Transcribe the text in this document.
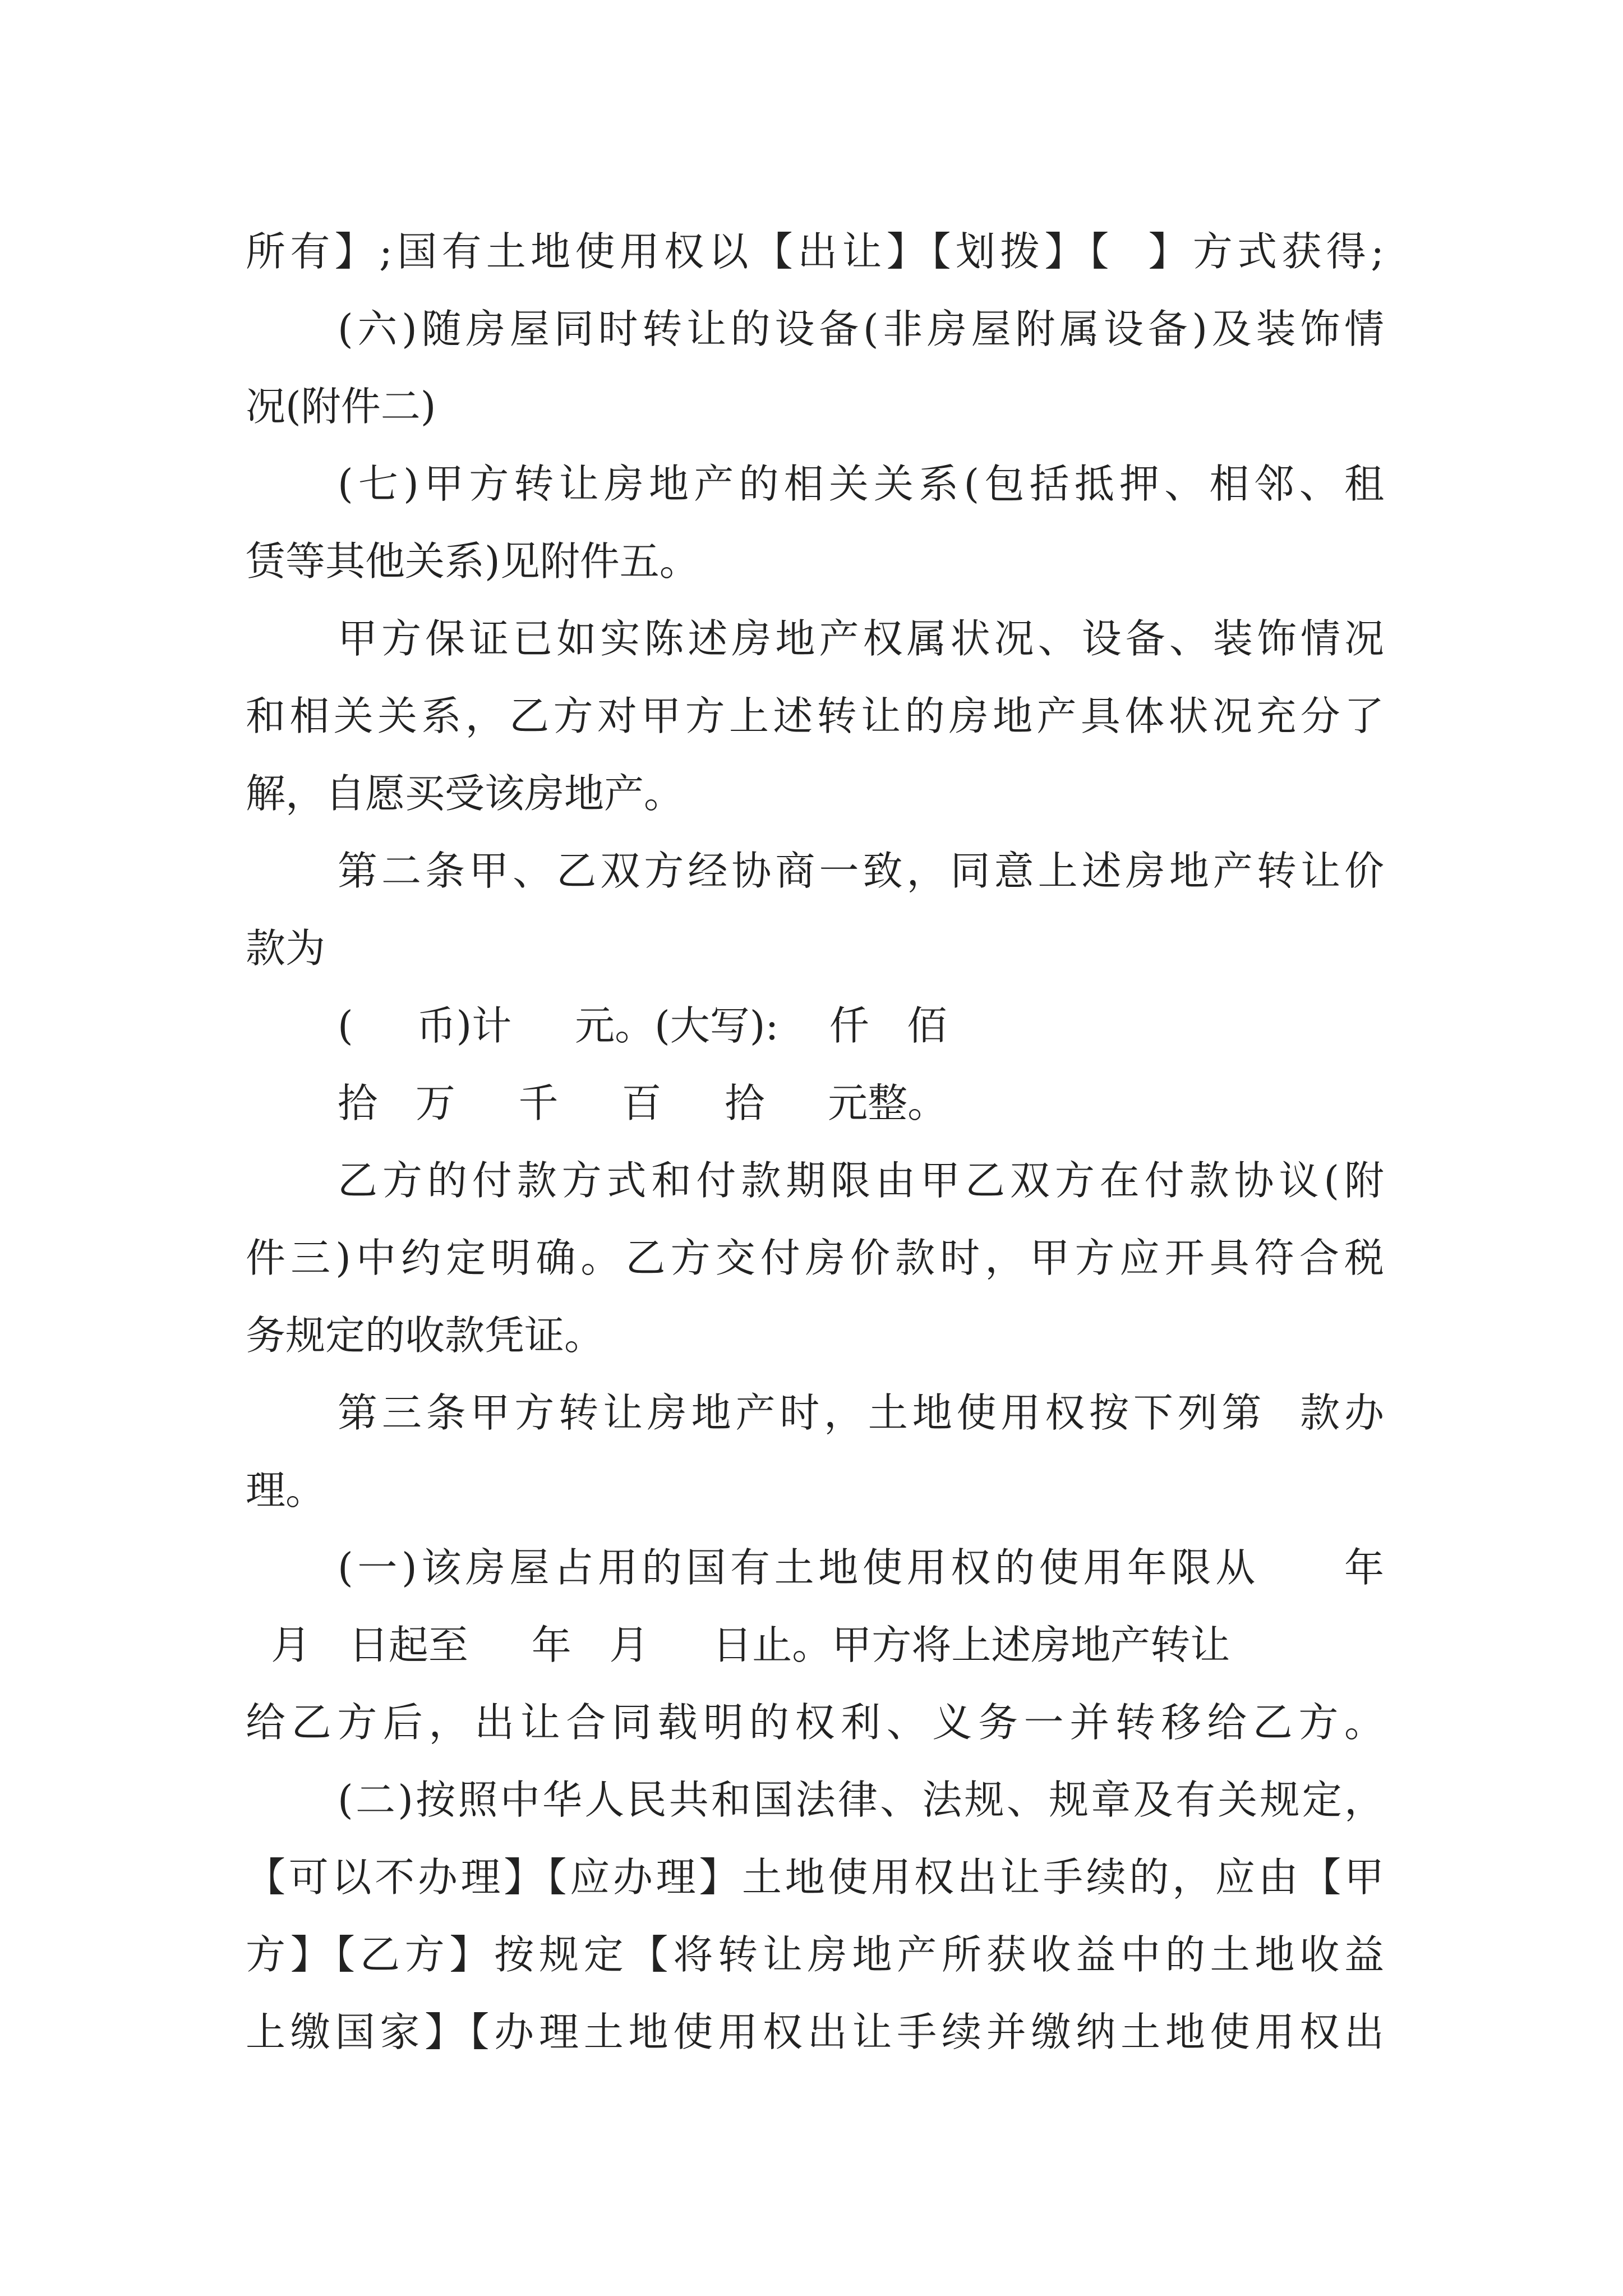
所有】;国有土地使用权以【出让】【划拨】【  】方式获得;
(六)随房屋同时转让的设备(非房屋附属设备)及装饰情
况(附件二)
(七)甲方转让房地产的相关关系(包括抵押、相邻、租
赁等其他关系)见附件五。
甲方保证已如实陈述房地产权属状况、设备、装饰情况
和相关关系，乙方对甲方上述转让的房地产具体状况充分了
解，自愿买受该房地产。
第二条甲、乙双方经协商一致，同意上述房地产转让价
款为
(     币)计     元。(大写):    仟   佰
拾   万     千     百     拾     元整。
乙方的付款方式和付款期限由甲乙双方在付款协议(附
件三)中约定明确。乙方交付房价款时，甲方应开具符合税
务规定的收款凭证。
第三条甲方转让房地产时，土地使用权按下列第  款办
理。
(一)该房屋占用的国有土地使用权的使用年限从     年
月   日起至     年   月     日止。甲方将上述房地产转让
给乙方后，出让合同载明的权利、义务一并转移给乙方。
(二)按照中华人民共和国法律、法规、规章及有关规定，
【可以不办理】【应办理】土地使用权出让手续的，应由【甲
方】【乙方】按规定【将转让房地产所获收益中的土地收益
上缴国家】【办理土地使用权出让手续并缴纳土地使用权出
